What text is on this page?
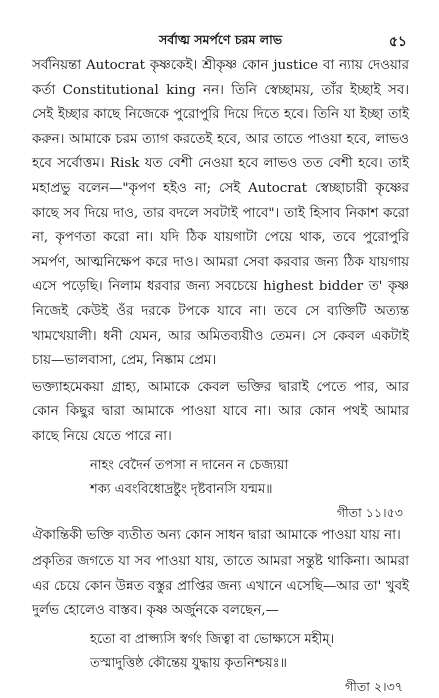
সর্বাত্ম সমর্পণে চরম লাভ	৫১

সর্বনিয়ন্তা Autocrat কৃষ্ণকেই। শ্রীকৃষ্ণ কোন justice বা ন্যায় দেওয়ার কর্তা Constitutional king নন। তিনি স্বেচ্ছাময়, তাঁর ইচ্ছাই সব। সেই ইচ্ছার কাছে নিজেকে পুরোপুরি দিয়ে দিতে হবে। তিনি যা ইচ্ছা তাই করুন। আমাকে চরম ত্যাগ করতেই হবে, আর তাতে পাওয়া হবে, লাভও হবে সর্বোত্তম। Risk যত বেশী নেওয়া হবে লাভও তত বেশী হবে। তাই মহাপ্রভু বলেন—"কৃপণ হইও না; সেই Autocrat স্বেচ্ছাচারী কৃষ্ণের কাছে সব দিয়ে দাও, তার বদলে সবটাই পাবে"। তাই হিসাব নিকাশ করো না, কৃপণতা করো না। যদি ঠিক যায়গাটা পেয়ে থাক, তবে পুরোপুরি সমর্পণ, আত্মনিক্ষেপ করে দাও। আমরা সেবা করবার জন্য ঠিক যায়গায় এসে পড়েছি। নিলাম ধরবার জন্য সবচেয়ে highest bidder ত' কৃষ্ণ নিজেই কেউই ওঁর দরকে টপকে যাবে না। তবে সে ব্যক্তিটি অত্যন্ত খামখেয়ালী। ধনী যেমন, আর অমিতব্যয়ীও তেমন। সে কেবল একটাই চায়—ভালবাসা, প্রেম, নিষ্কাম প্রেম।

ভক্ত্যাহমেকয়া গ্রাহ্য, আমাকে কেবল ভক্তির দ্বারাই পেতে পার, আর কোন কিছুর দ্বারা আমাকে পাওয়া যাবে না। আর কোন পথই আমার কাছে নিয়ে যেতে পারে না।

নাহং বেদৈর্ন তপসা ন দানেন ন চেজ্যয়া
শক্য এবংবিধোদ্রষ্টুং দৃষ্টবানসি যন্মম॥

গীতা ১১।৫৩

ঐকান্তিকী ভক্তি ব্যতীত অন্য কোন সাধন দ্বারা আমাকে পাওয়া যায় না।

প্রকৃতির জগতে যা সব পাওয়া যায়, তাতে আমরা সন্তুষ্ট থাকিনা। আমরা এর চেয়ে কোন উন্নত বস্তুর প্রাপ্তির জন্য এখানে এসেছি—আর তা' খুবই দুর্লভ হোলেও বাস্তব। কৃষ্ণ অর্জুনকে বলছেন,—

হতো বা প্রাপ্স্যসি স্বর্গং জিত্বা বা ভোক্ষ্যসে মহীম্।
তস্মাদুত্তিষ্ঠ কৌন্তেয় যুদ্ধায় কৃতনিশ্চয়ঃ॥

গীতা ২।৩৭
